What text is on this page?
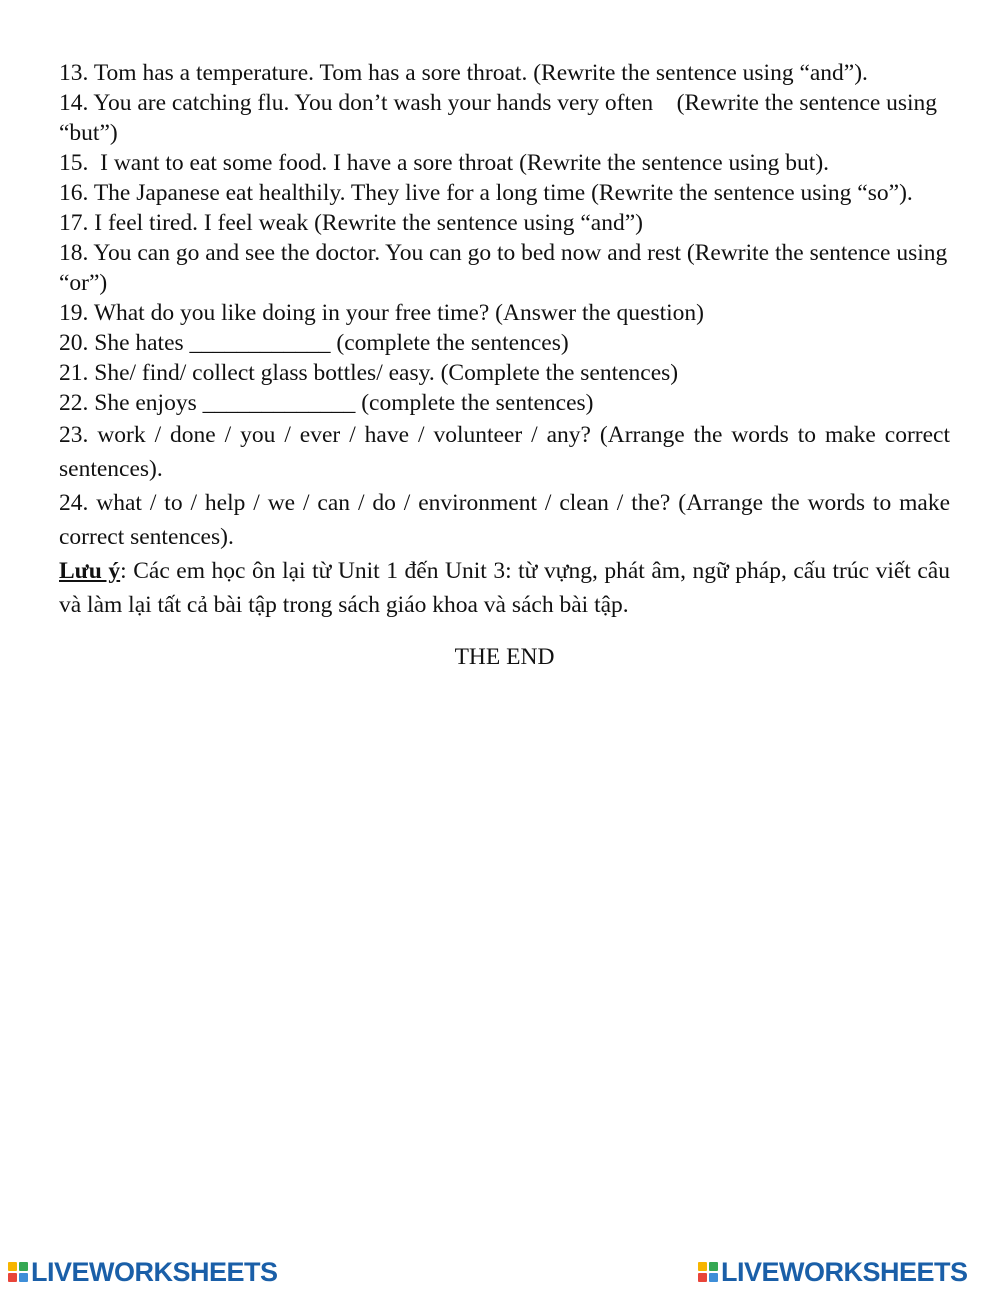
13. Tom has a temperature. Tom has a sore throat. (Rewrite the sentence using “and”).

14. You are catching flu. You don’t wash your hands very often    (Rewrite the sentence using “but”)

15.  I want to eat some food. I have a sore throat (Rewrite the sentence using but).

16. The Japanese eat healthily. They live for a long time (Rewrite the sentence using “so”).

17. I feel tired. I feel weak (Rewrite the sentence using “and”)

18. You can go and see the doctor. You can go to bed now and rest (Rewrite the sentence using “or”)

19. What do you like doing in your free time? (Answer the question)

20. She hates ____________ (complete the sentences)

21. She/ find/ collect glass bottles/ easy. (Complete the sentences)

22. She enjoys _____________ (complete the sentences)

23. work / done / you / ever / have / volunteer / any? (Arrange the words to make correct sentences).

24. what / to / help / we / can / do / environment / clean / the? (Arrange the words to make correct sentences).

Lưu ý: Các em học ôn lại từ Unit 1 đến Unit 3: từ vựng, phát âm, ngữ pháp, cấu trúc viết câu và làm lại tất cả bài tập trong sách giáo khoa và sách bài tập.

THE END
LIVEWORKSHEETS	LIVEWORKSHEETS
